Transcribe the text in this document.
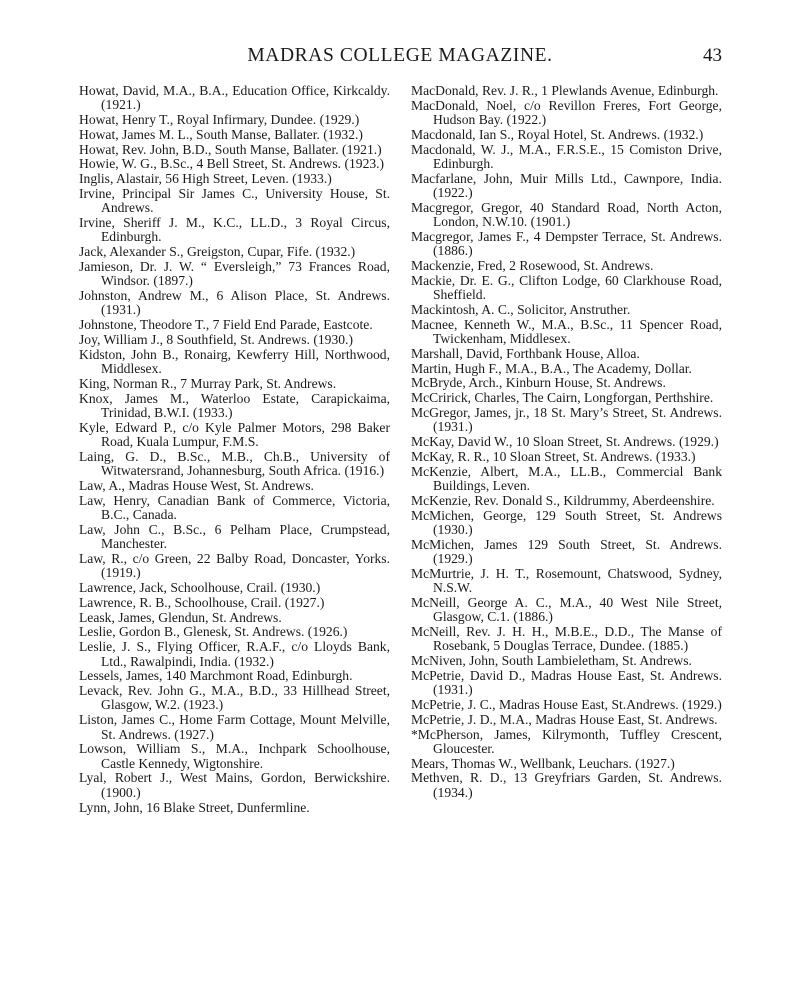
MADRAS COLLEGE MAGAZINE.	43

Howat, David, M.A., B.A., Education Office, Kirkcaldy. (1921.)

Howat, Henry T., Royal Infirmary, Dundee. (1929.)

Howat, James M. L., South Manse, Ballater. (1932.)

Howat, Rev. John, B.D., South Manse, Ballater. (1921.)

Howie, W. G., B.Sc., 4 Bell Street, St. Andrews. (1923.)

Inglis, Alastair, 56 High Street, Leven. (1933.)

Irvine, Principal Sir James C., University House, St. Andrews.

Irvine, Sheriff J. M., K.C., LL.D., 3 Royal Circus, Edinburgh.

Jack, Alexander S., Greigston, Cupar, Fife. (1932.)

Jamieson, Dr. J. W. “ Eversleigh,” 73 Frances Road, Windsor. (1897.)

Johnston, Andrew M., 6 Alison Place, St. Andrews. (1931.)

Johnstone, Theodore T., 7 Field End Parade, Eastcote.

Joy, William J., 8 Southfield, St. Andrews. (1930.)

Kidston, John B., Ronairg, Kewferry Hill, Northwood, Middlesex.

King, Norman R., 7 Murray Park, St. Andrews.

Knox, James M., Waterloo Estate, Carapickaima, Trinidad, B.W.I. (1933.)

Kyle, Edward P., c/o Kyle Palmer Motors, 298 Baker Road, Kuala Lumpur, F.M.S.

Laing, G. D., B.Sc., M.B., Ch.B., University of Witwatersrand, Johannesburg, South Africa. (1916.)

Law, A., Madras House West, St. Andrews.

Law, Henry, Canadian Bank of Commerce, Victoria, B.C., Canada.

Law, John C., B.Sc., 6 Pelham Place, Crumpstead, Manchester.

Law, R., c/o Green, 22 Balby Road, Doncaster, Yorks. (1919.)

Lawrence, Jack, Schoolhouse, Crail. (1930.)

Lawrence, R. B., Schoolhouse, Crail. (1927.)

Leask, James, Glendun, St. Andrews.

Leslie, Gordon B., Glenesk, St. Andrews. (1926.)

Leslie, J. S., Flying Officer, R.A.F., c/o Lloyds Bank, Ltd., Rawalpindi, India. (1932.)

Lessels, James, 140 Marchmont Road, Edinburgh.

Levack, Rev. John G., M.A., B.D., 33 Hillhead Street, Glasgow, W.2. (1923.)

Liston, James C., Home Farm Cottage, Mount Melville, St. Andrews. (1927.)

Lowson, William S., M.A., Inchpark Schoolhouse, Castle Kennedy, Wigtonshire.

Lyal, Robert J., West Mains, Gordon, Berwickshire. (1900.)

Lynn, John, 16 Blake Street, Dunfermline.

MacDonald, Rev. J. R., 1 Plewlands Avenue, Edinburgh.

MacDonald, Noel, c/o Revillon Freres, Fort George, Hudson Bay. (1922.)

Macdonald, Ian S., Royal Hotel, St. Andrews. (1932.)

Macdonald, W. J., M.A., F.R.S.E., 15 Comiston Drive, Edinburgh.

Macfarlane, John, Muir Mills Ltd., Cawnpore, India. (1922.)

Macgregor, Gregor, 40 Standard Road, North Acton, London, N.W.10. (1901.)

Macgregor, James F., 4 Dempster Terrace, St. Andrews. (1886.)

Mackenzie, Fred, 2 Rosewood, St. Andrews.

Mackie, Dr. E. G., Clifton Lodge, 60 Clarkhouse Road, Sheffield.

Mackintosh, A. C., Solicitor, Anstruther.

Macnee, Kenneth W., M.A., B.Sc., 11 Spencer Road, Twickenham, Middlesex.

Marshall, David, Forthbank House, Alloa.

Martin, Hugh F., M.A., B.A., The Academy, Dollar.

McBryde, Arch., Kinburn House, St. Andrews.

McCririck, Charles, The Cairn, Longforgan, Perthshire.

McGregor, James, jr., 18 St. Mary’s Street, St. Andrews. (1931.)

McKay, David W., 10 Sloan Street, St. Andrews. (1929.)

McKay, R. R., 10 Sloan Street, St. Andrews. (1933.)

McKenzie, Albert, M.A., LL.B., Commercial Bank Buildings, Leven.

McKenzie, Rev. Donald S., Kildrummy, Aberdeenshire.

McMichen, George, 129 South Street, St. Andrews (1930.)

McMichen, James 129 South Street, St. Andrews. (1929.)

McMurtrie, J. H. T., Rosemount, Chatswood, Sydney, N.S.W.

McNeill, George A. C., M.A., 40 West Nile Street, Glasgow, C.1. (1886.)

McNeill, Rev. J. H. H., M.B.E., D.D., The Manse of Rosebank, 5 Douglas Terrace, Dundee. (1885.)

McNiven, John, South Lambieletham, St. Andrews.

McPetrie, David D., Madras House East, St. Andrews. (1931.)

McPetrie, J. C., Madras House East, St.Andrews. (1929.)

McPetrie, J. D., M.A., Madras House East, St. Andrews.

*McPherson, James, Kilrymonth, Tuffley Crescent, Gloucester.

Mears, Thomas W., Wellbank, Leuchars. (1927.)

Methven, R. D., 13 Greyfriars Garden, St. Andrews. (1934.)
